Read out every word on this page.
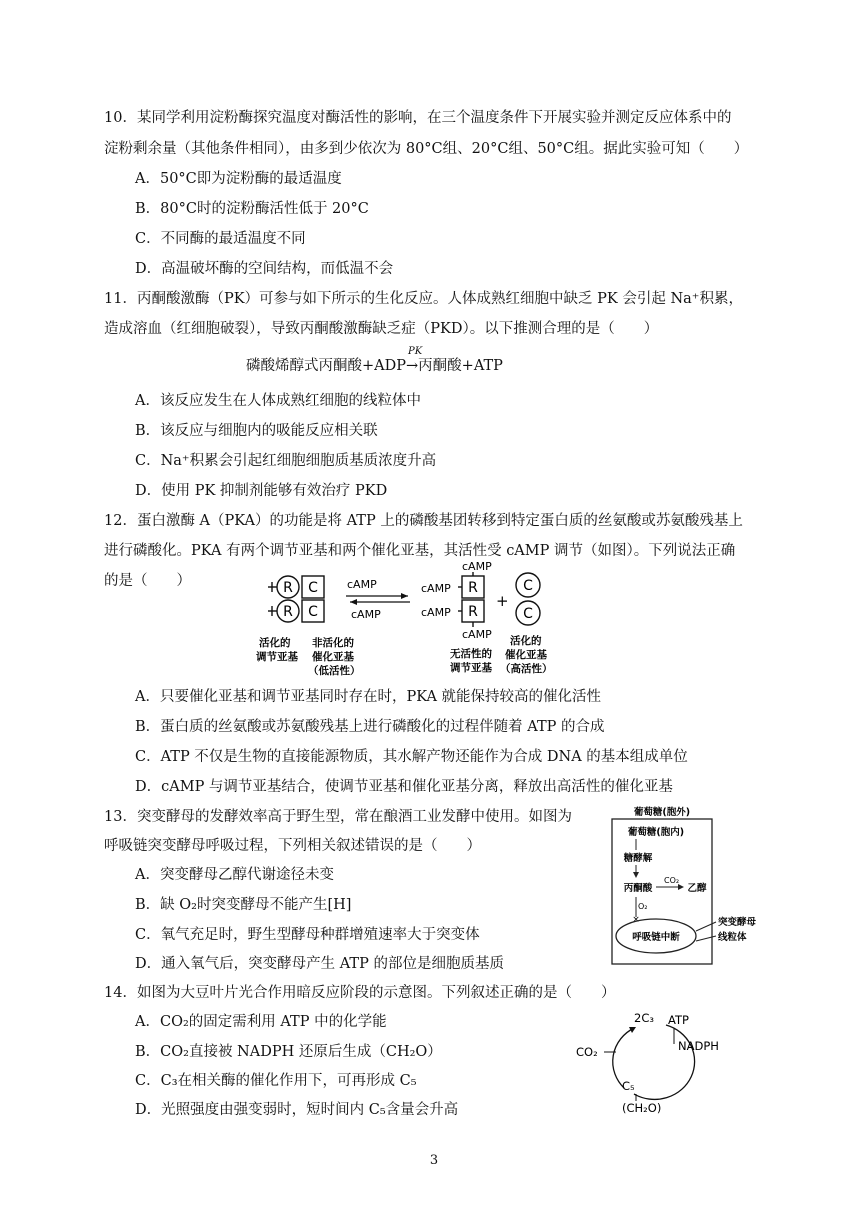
10．某同学利用淀粉酶探究温度对酶活性的影响，在三个温度条件下开展实验并测定反应体系中的
淀粉剩余量（其他条件相同），由多到少依次为 80°C组、20°C组、50°C组。据此实验可知（　　）
A．50°C即为淀粉酶的最适温度
B．80°C时的淀粉酶活性低于 20°C
C．不同酶的最适温度不同
D．高温破坏酶的空间结构，而低温不会
11．丙酮酸激酶（PK）可参与如下所示的生化反应。人体成熟红细胞中缺乏 PK 会引起 Na⁺积累，
造成溶血（红细胞破裂），导致丙酮酸激酶缺乏症（PKD）。以下推测合理的是（　　）
磷酸烯醇式丙酮酸+ADP
PK
→丙酮酸+ATP
A．该反应发生在人体成熟红细胞的线粒体中
B．该反应与细胞内的吸能反应相关联
C．Na⁺积累会引起红细胞细胞质基质浓度升高
D．使用 PK 抑制剂能够有效治疗 PKD
12．蛋白激酶 A（PKA）的功能是将 ATP 上的磷酸基团转移到特定蛋白质的丝氨酸或苏氨酸残基上
进行磷酸化。PKA 有两个调节亚基和两个催化亚基，其活性受 cAMP 调节（如图）。下列说法正确
的是（　　）	R
R
C
C
cAMP
cAMP
cAMP
cAMP
cAMP
cAMP
R
R
+
C
C
活化的
调节亚基
非活化的
催化亚基
（低活性）
无活性的
调节亚基
活化的
催化亚基
（高活性）
A．只要催化亚基和调节亚基同时存在时，PKA 就能保持较高的催化活性
B．蛋白质的丝氨酸或苏氨酸残基上进行磷酸化的过程伴随着 ATP 的合成
C．ATP 不仅是生物的直接能源物质，其水解产物还能作为合成 DNA 的基本组成单位
D．cAMP 与调节亚基结合，使调节亚基和催化亚基分离，释放出高活性的催化亚基
13．突变酵母的发酵效率高于野生型，常在酿酒工业发酵中使用。如图为
呼吸链突变酵母呼吸过程，下列相关叙述错误的是（　　）
A．突变酵母乙醇代谢途径未变
B．缺 O₂时突变酵母不能产生[H]
C．氧气充足时，野生型酵母种群增殖速率大于突变体
D．通入氧气后，突变酵母产生 ATP 的部位是细胞质基质
葡萄糖(胞外)
葡萄糖(胞内)
糖酵解
丙酮酸
CO₂
乙醇
O₂
×
呼吸链中断
突变酵母
线粒体
14．如图为大豆叶片光合作用暗反应阶段的示意图。下列叙述正确的是（　　）
A．CO₂的固定需利用 ATP 中的化学能
B．CO₂直接被 NADPH 还原后生成（CH₂O）
C．C₃在相关酶的催化作用下，可再形成 C₅
D．光照强度由强变弱时，短时间内 C₅含量会升高
2C₃ ATP
NADPH
CO₂
C₅
(CH₂O)
3
